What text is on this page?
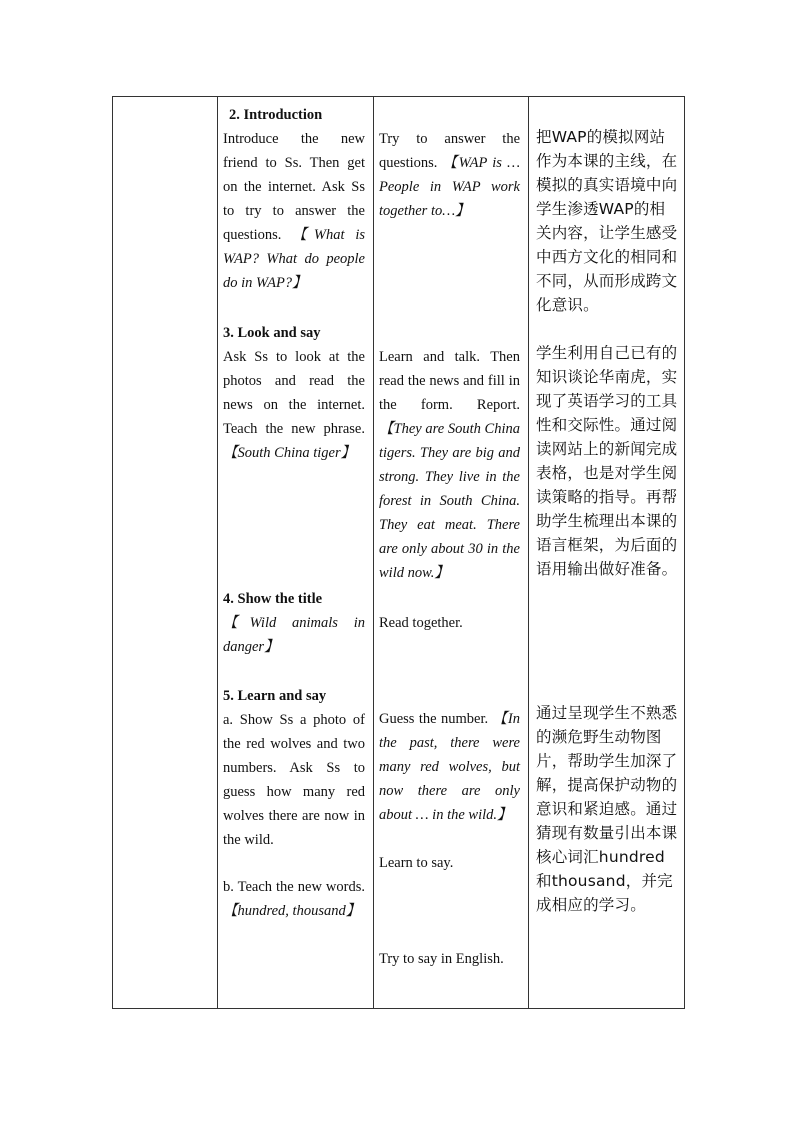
2. Introduction

Introduce the new friend to Ss. Then get on the internet. Ask Ss to try to answer the questions. 【What is WAP? What do people do in WAP?】

3. Look and say

Ask Ss to look at the photos and read the news on the internet. Teach the new phrase. 【South China tiger】

4. Show the title

【Wild animals in danger】

5. Learn and say

a. Show Ss a photo of the red wolves and two numbers. Ask Ss to guess how many red wolves there are now in the wild.

b. Teach the new words. 【hundred, thousand】

Try to answer the questions. 【WAP is … People in WAP work together to…】

Learn and talk. Then read the news and fill in the form. Report. 【They are South China tigers. They are big and strong. They live in the forest in South China. They eat meat. There are only about 30 in the wild now.】

Read together.

Guess the number. 【In the past, there were many red wolves, but now there are only about … in the wild.】

Learn to say.

Try to say in English.

把WAP的模拟网站作为本课的主线，在模拟的真实语境中向学生渗透WAP的相关内容，让学生感受中西方文化的相同和不同，从而形成跨文化意识。

学生利用自己已有的知识谈论华南虎，实现了英语学习的工具性和交际性。通过阅读网站上的新闻完成表格，也是对学生阅读策略的指导。再帮助学生梳理出本课的语言框架，为后面的语用输出做好准备。

通过呈现学生不熟悉的濒危野生动物图片，帮助学生加深了解，提高保护动物的意识和紧迫感。通过猜现有数量引出本课核心词汇hundred和thousand，并完成相应的学习。
